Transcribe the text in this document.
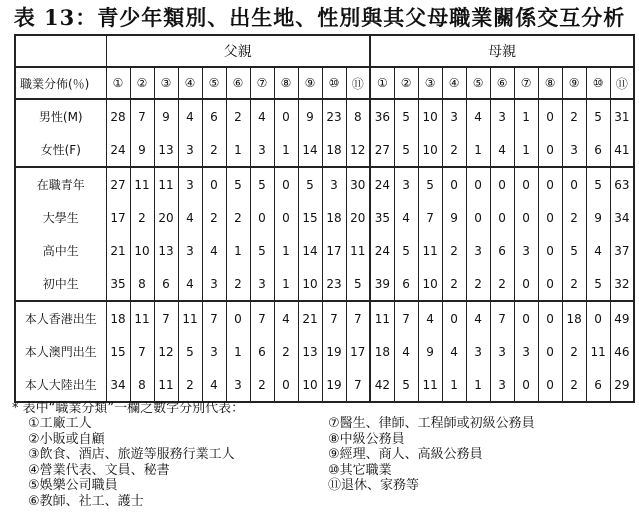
表 13：青少年類別、出生地、性別與其父母職業關係交互分析
	父親											母親										
職業分佈(％)	①	②	③	④	⑤	⑥	⑦	⑧	⑨	⑩	⑪	①	②	③	④	⑤	⑥	⑦	⑧	⑨	⑩	⑪
男性(M)	28	7	9	4	6	2	4	0	9	23	8	36	5	10	3	4	3	1	0	2	5	31
女性(F)	24	9	13	3	2	1	3	1	14	18	12	27	5	10	2	1	4	1	0	3	6	41
在職青年	27	11	11	3	0	5	5	0	5	3	30	24	3	5	0	0	0	0	0	0	5	63
大學生	17	2	20	4	2	2	0	0	15	18	20	35	4	7	9	0	0	0	0	2	9	34
高中生	21	10	13	3	4	1	5	1	14	17	11	24	5	11	2	3	6	3	0	5	4	37
初中生	35	8	6	4	3	2	3	1	10	23	5	39	6	10	2	2	2	0	0	2	5	32
本人香港出生	18	11	7	11	7	0	7	4	21	7	7	11	7	4	0	4	7	0	0	18	0	49
本人澳門出生	15	7	12	5	3	1	6	2	13	19	17	18	4	9	4	3	3	3	0	2	11	46
本人大陸出生	34	8	11	2	4	3	2	0	10	19	7	42	5	11	1	1	3	0	0	2	6	29
* 表中“職業分類”一欄之數字分別代表：
①工廠工人
②小販或自顧
③飲食、酒店、旅遊等服務行業工人
④營業代表、文員、秘書
⑤娛樂公司職員
⑥教師、社工、護士
⑦醫生、律師、工程師或初級公務員
⑧中級公務員
⑨經理、商人、高級公務員
⑩其它職業
⑪退休、家務等
